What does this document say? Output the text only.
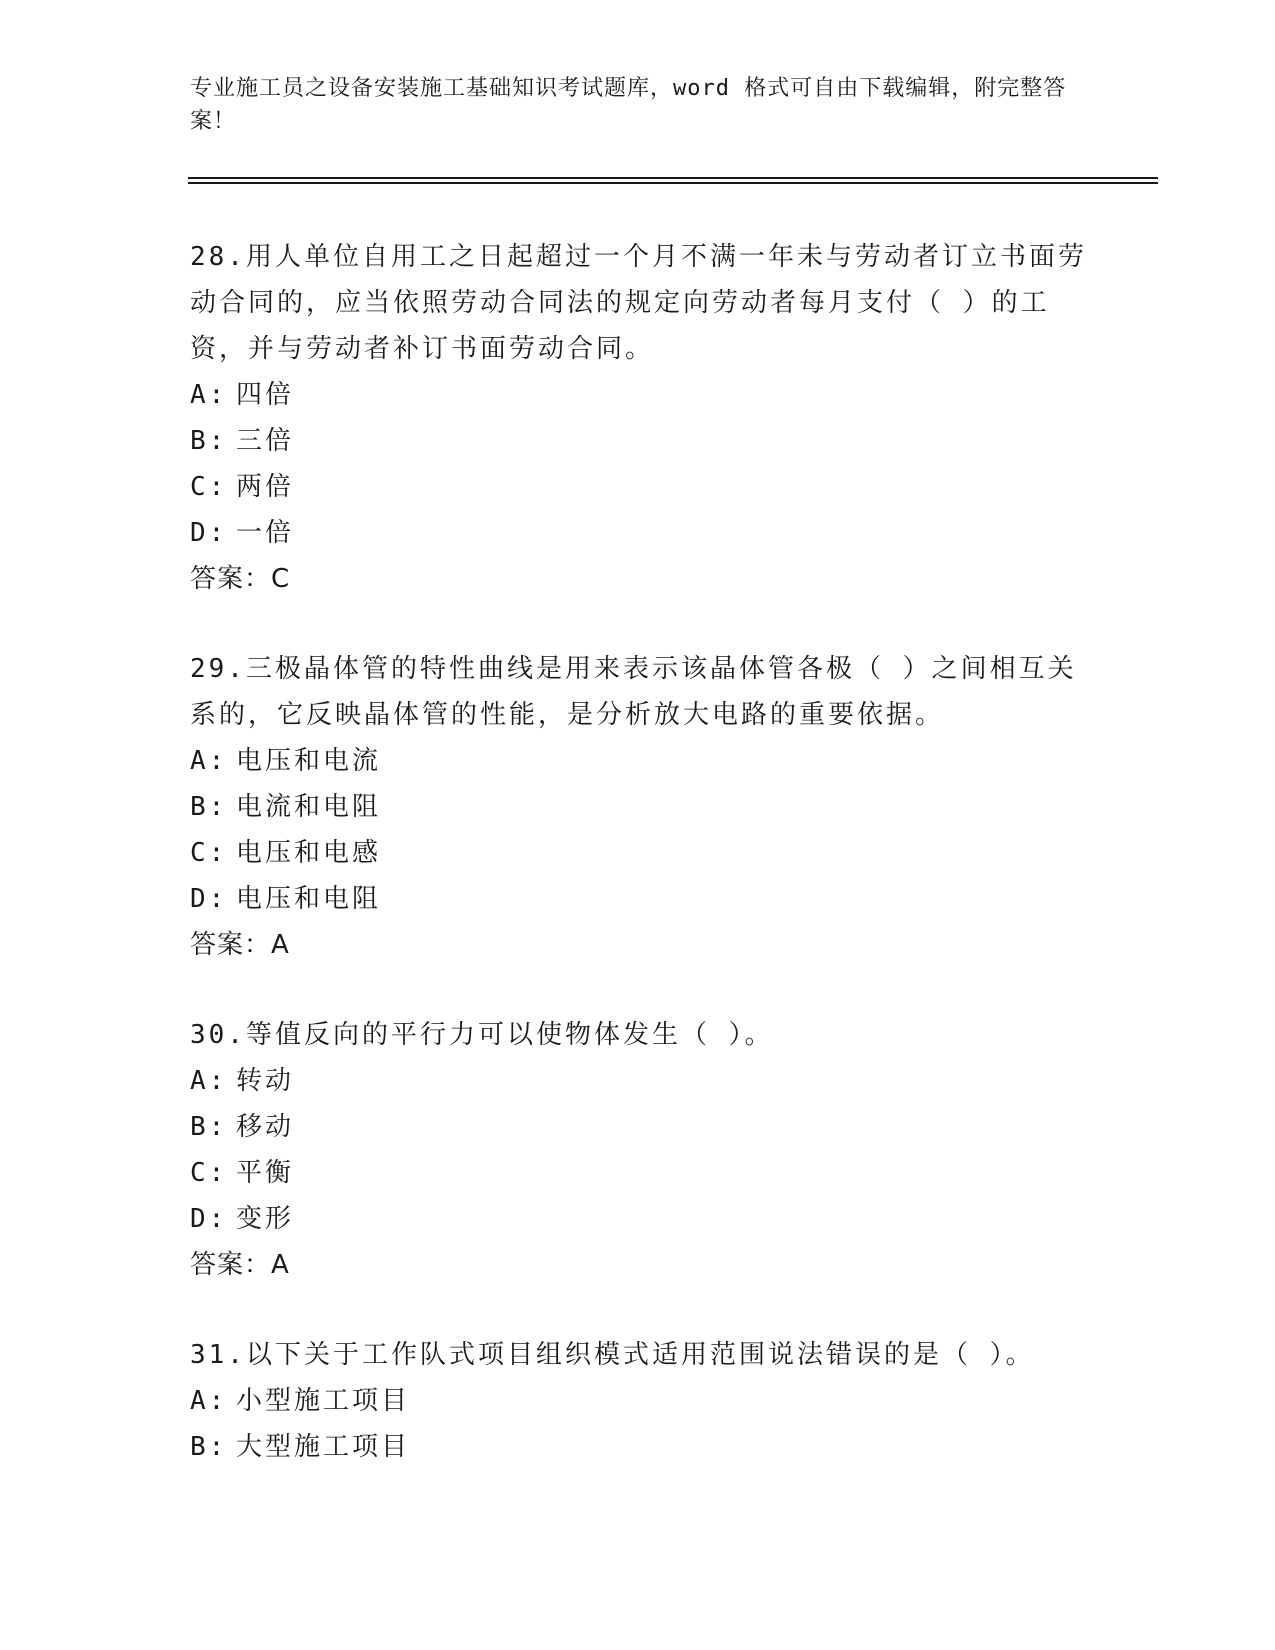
专业施工员之设备安装施工基础知识考试题库，word 格式可自由下载编辑，附完整答案！

28.用人单位自用工之日起超过一个月不满一年未与劳动者订立书面劳动合同的，应当依照劳动合同法的规定向劳动者每月支付（ ）的工资，并与劳动者补订书面劳动合同。

A: 四倍
B: 三倍
C: 两倍
D: 一倍
答案：C

29.三极晶体管的特性曲线是用来表示该晶体管各极（ ）之间相互关系的，它反映晶体管的性能，是分析放大电路的重要依据。

A: 电压和电流
B: 电流和电阻
C: 电压和电感
D: 电压和电阻
答案：A

30.等值反向的平行力可以使物体发生（ ）。

A: 转动
B: 移动
C: 平衡
D: 变形
答案：A

31.以下关于工作队式项目组织模式适用范围说法错误的是（ ）。

A: 小型施工项目
B: 大型施工项目
